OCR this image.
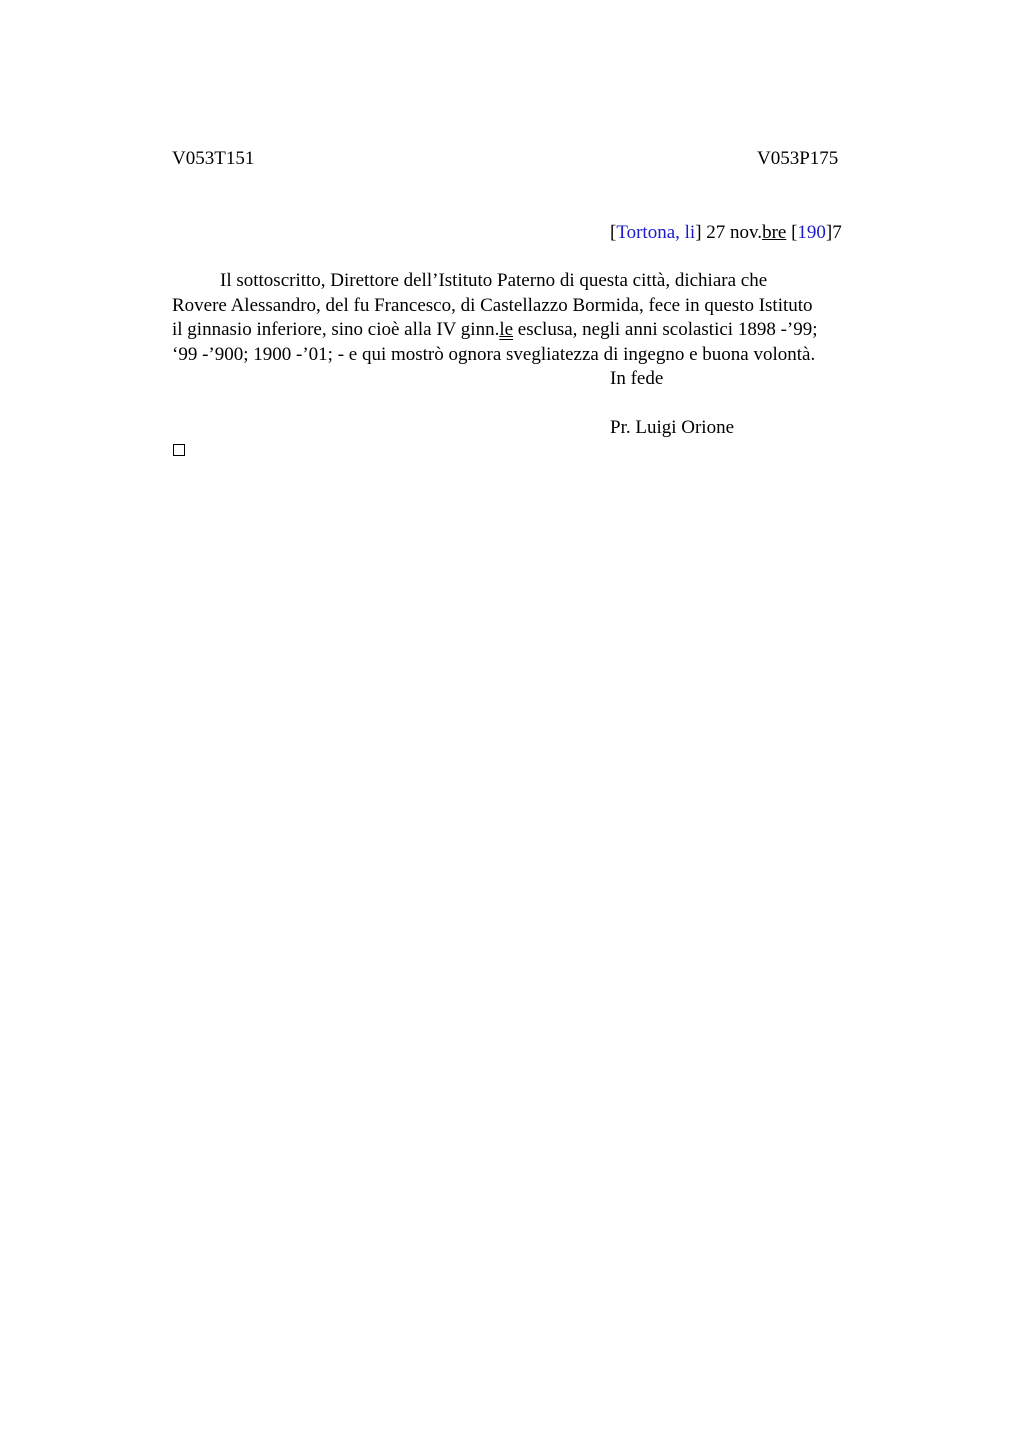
V053T151	V053P175
[Tortona, li] 27 nov.bre [190]7
Il sottoscritto, Direttore dell’Istituto Paterno di questa città, dichiara che
Rovere Alessandro, del fu Francesco, di Castellazzo Bormida, fece in questo Istituto
il ginnasio inferiore, sino cioè alla IV ginn.le esclusa, negli anni scolastici 1898 -’99;
‘99 -’900; 1900 -’01; - e qui mostrò ognora svegliatezza di ingegno e buona volontà.
In fede
Pr. Luigi Orione
